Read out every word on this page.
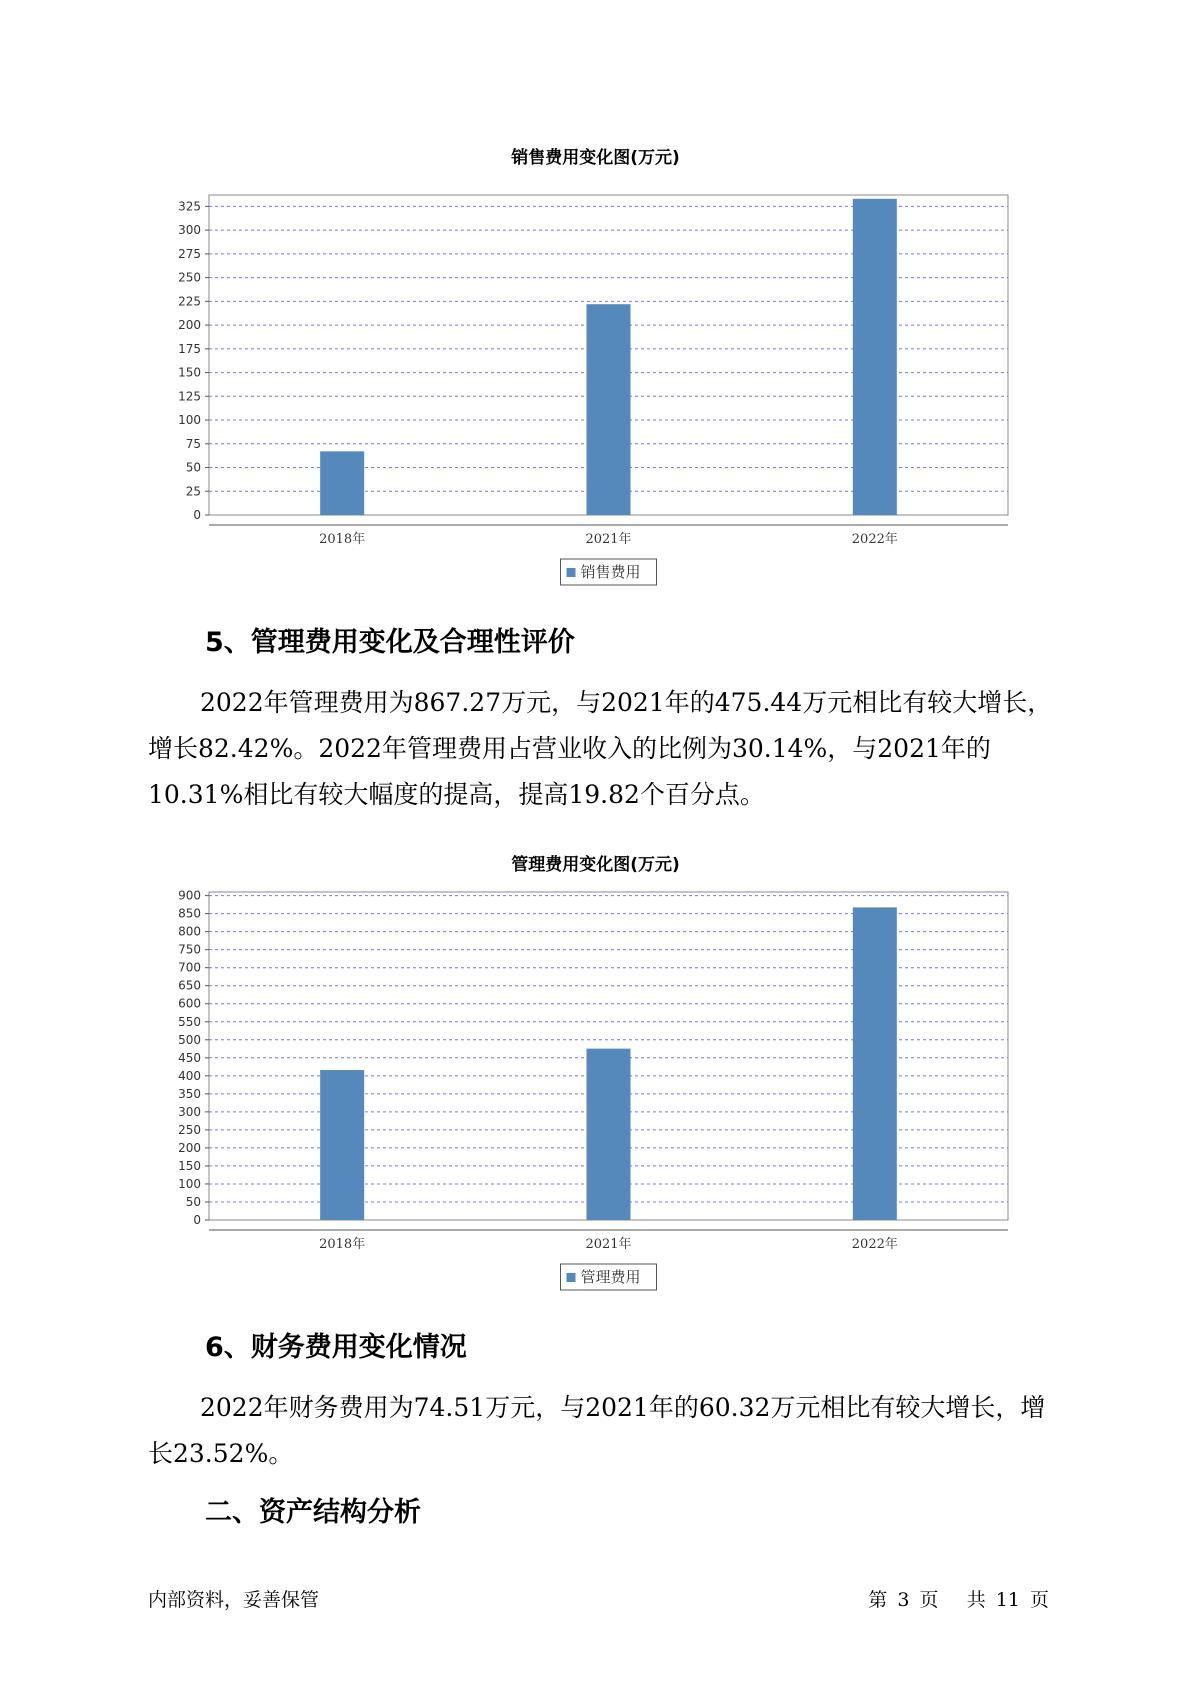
销售费用变化图(万元)
0
25
50
75
100
125
150
175
200
225
250
275
300
325
2018年	2021年	2022年
销售费用
5、管理费用变化及合理性评价

2022年管理费用为867.27万元，与2021年的475.44万元相比有较大增长，增长82.42%。2022年管理费用占营业收入的比例为30.14%，与2021年的10.31%相比有较大幅度的提高，提高19.82个百分点。

管理费用变化图(万元)
0
50
100
150
200
250
300
350
400
450
500
550
600
650
700
750
800
850
900
2018年	2021年	2022年
管理费用
6、财务费用变化情况

2022年财务费用为74.51万元，与2021年的60.32万元相比有较大增长，增长23.52%。

二、资产结构分析
内部资料，妥善保管	第 3 页 共 11 页
